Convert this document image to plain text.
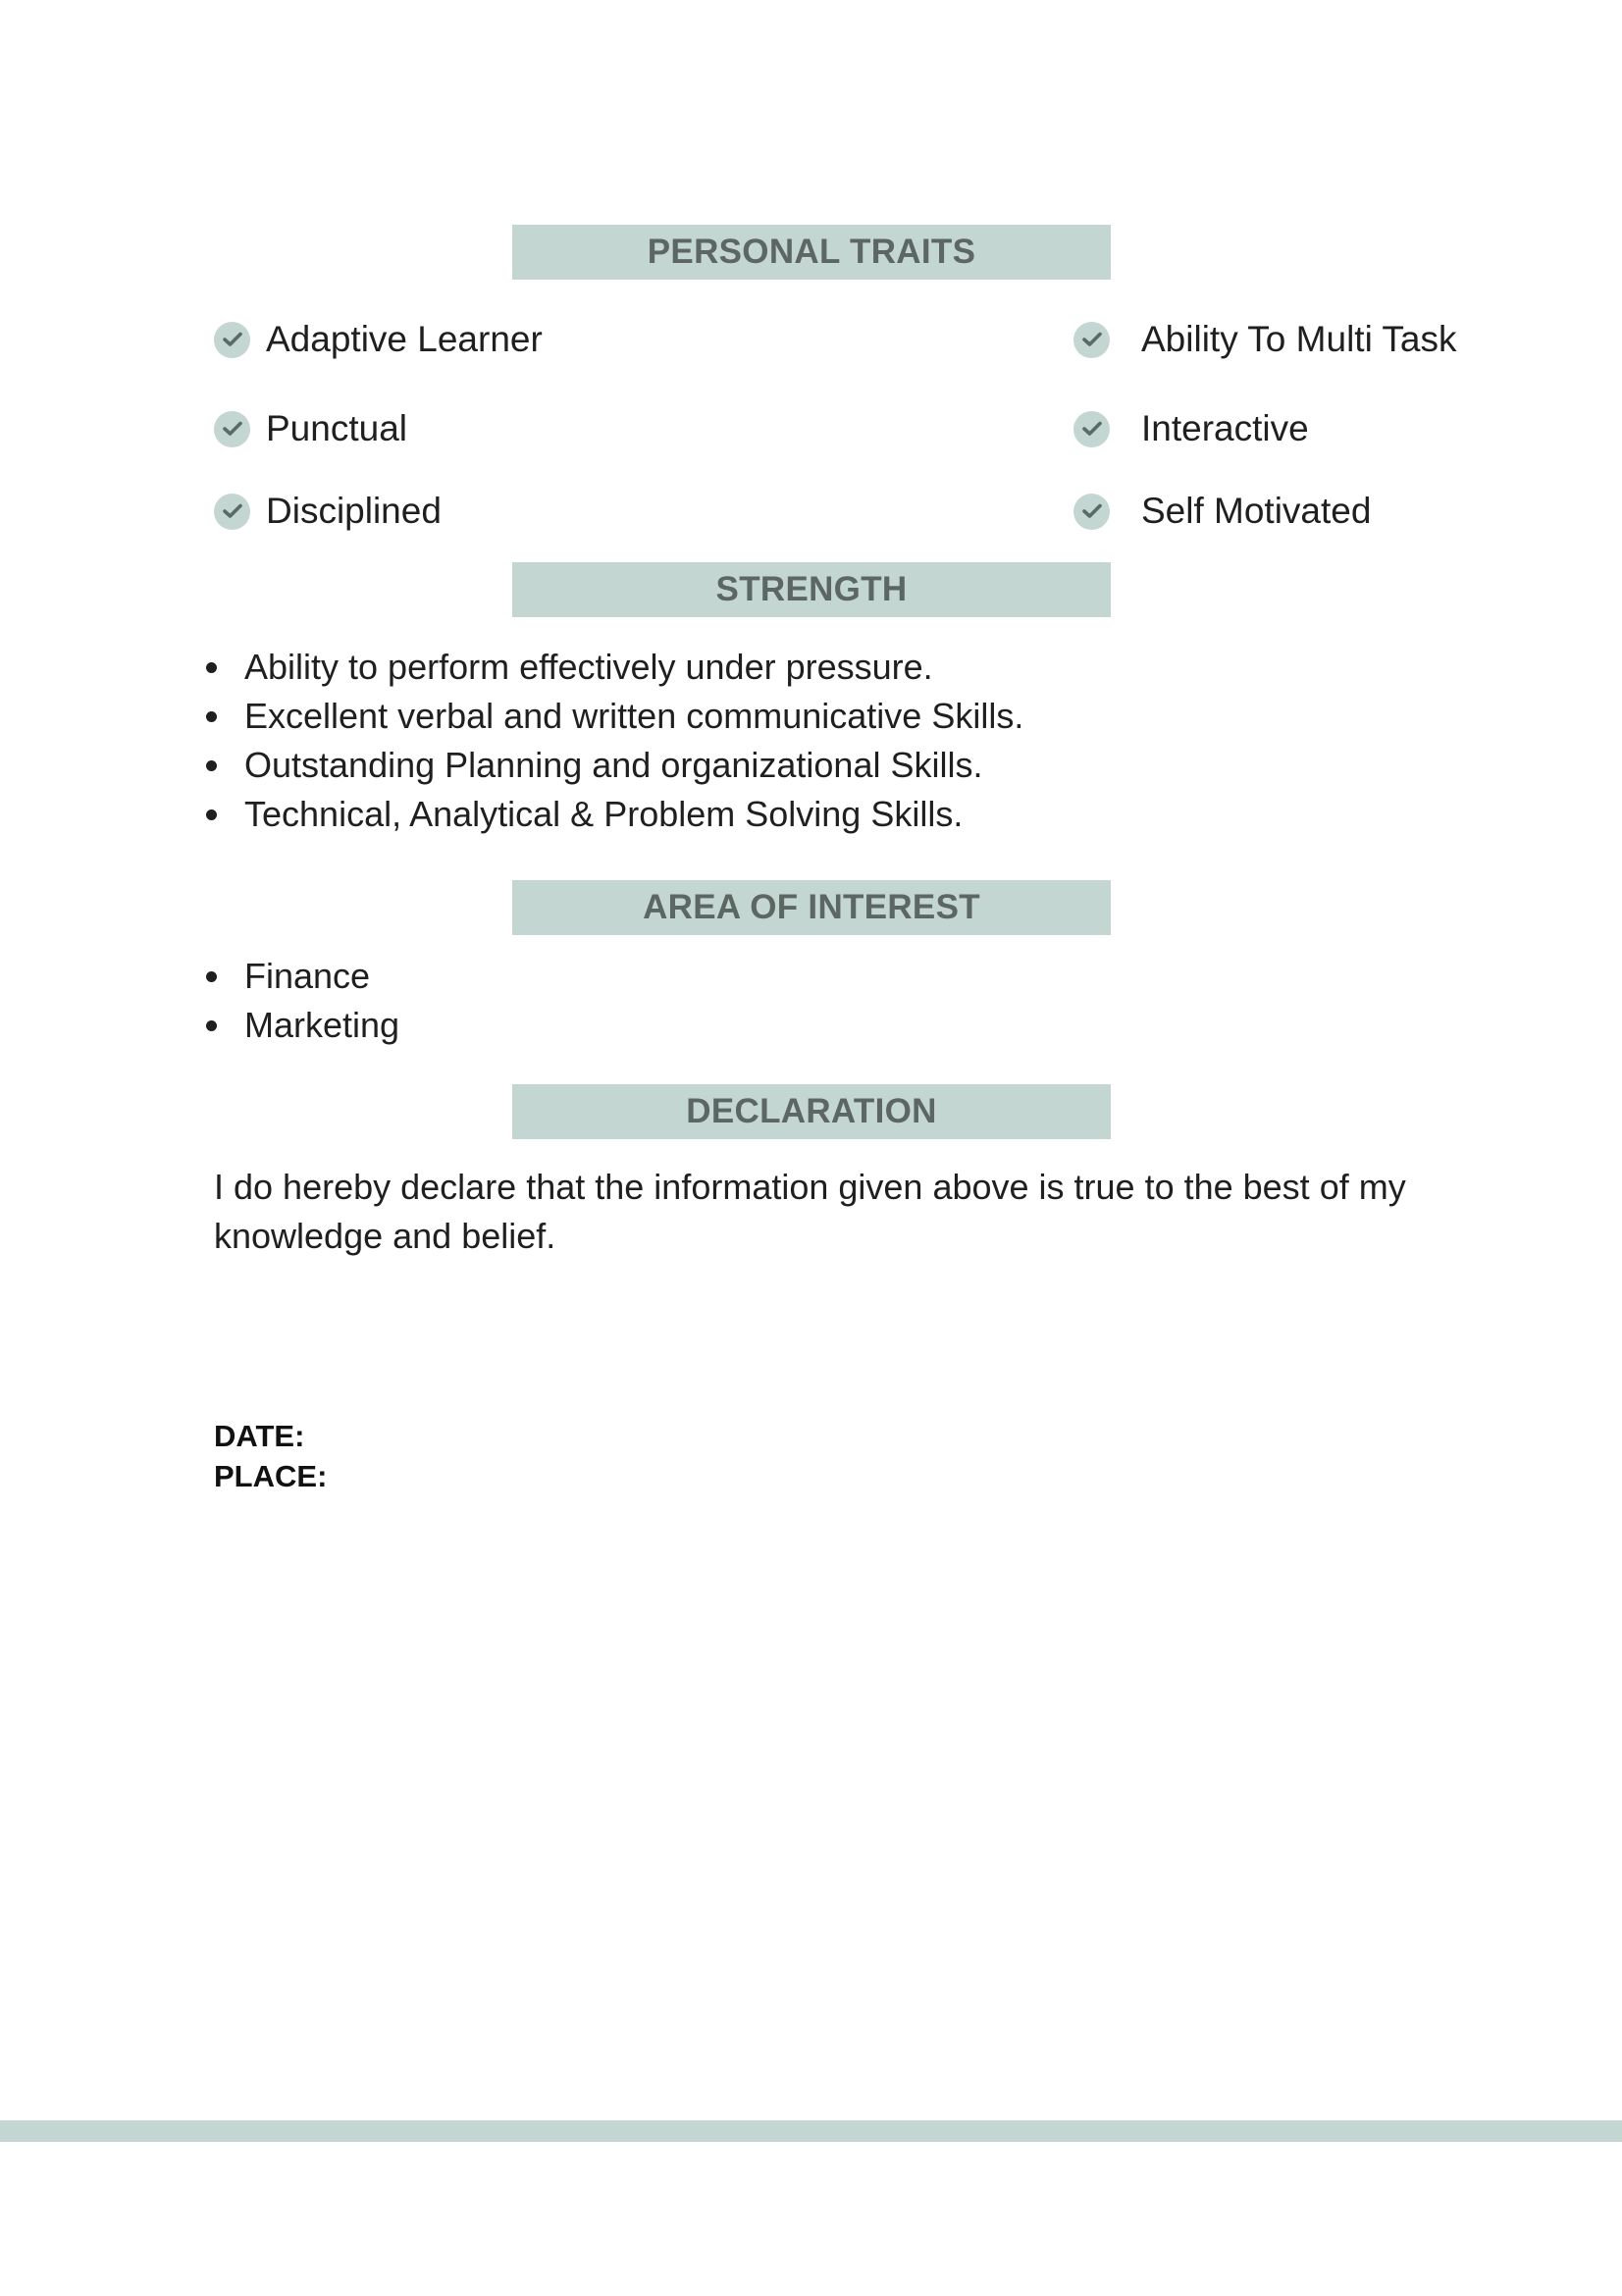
PERSONAL TRAITS
Adaptive Learner
Punctual
Disciplined
Ability To Multi Task
Interactive
Self Motivated
STRENGTH
Ability to perform effectively under pressure.
Excellent verbal and written communicative Skills.
Outstanding Planning and organizational Skills.
Technical, Analytical & Problem Solving Skills.
AREA OF INTEREST
Finance
Marketing
DECLARATION
I do hereby declare that the information given above is true to the best of my knowledge and belief.
DATE:
PLACE:
